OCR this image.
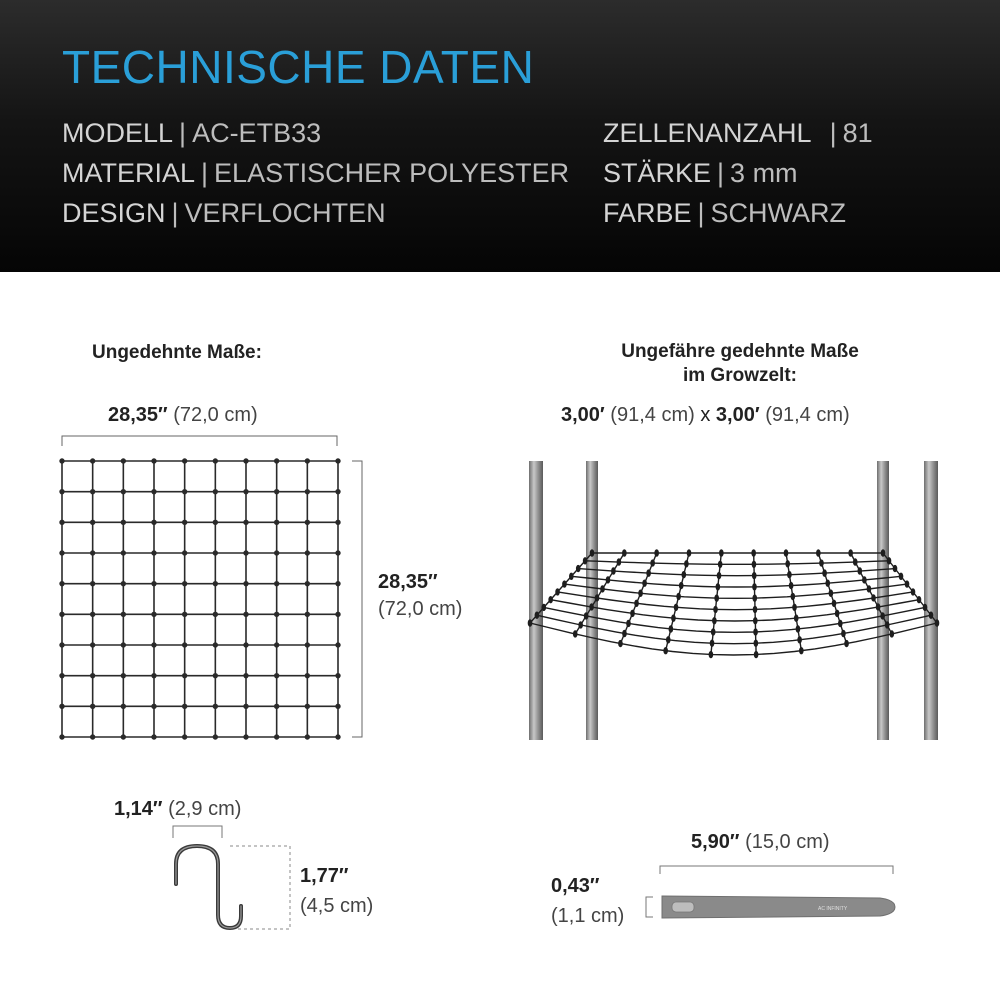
TECHNISCHE DATEN
MODELL | AC-ETB33
MATERIAL | ELASTISCHER POLYESTER
DESIGN | VERFLOCHTEN
ZELLENANZAHL | 81
STÄRKE | 3 mm
FARBE | SCHWARZ
Ungedehnte Maße:
28,35″ (72,0 cm)
28,35″
(72,0 cm)
Ungefähre gedehnte Maße
im Growzelt:
3,00′ (91,4 cm) x 3,00′ (91,4 cm)
1,14″ (2,9 cm)
1,77″
(4,5 cm)
5,90″ (15,0 cm)
0,43″
(1,1 cm)	AC INFINITY
